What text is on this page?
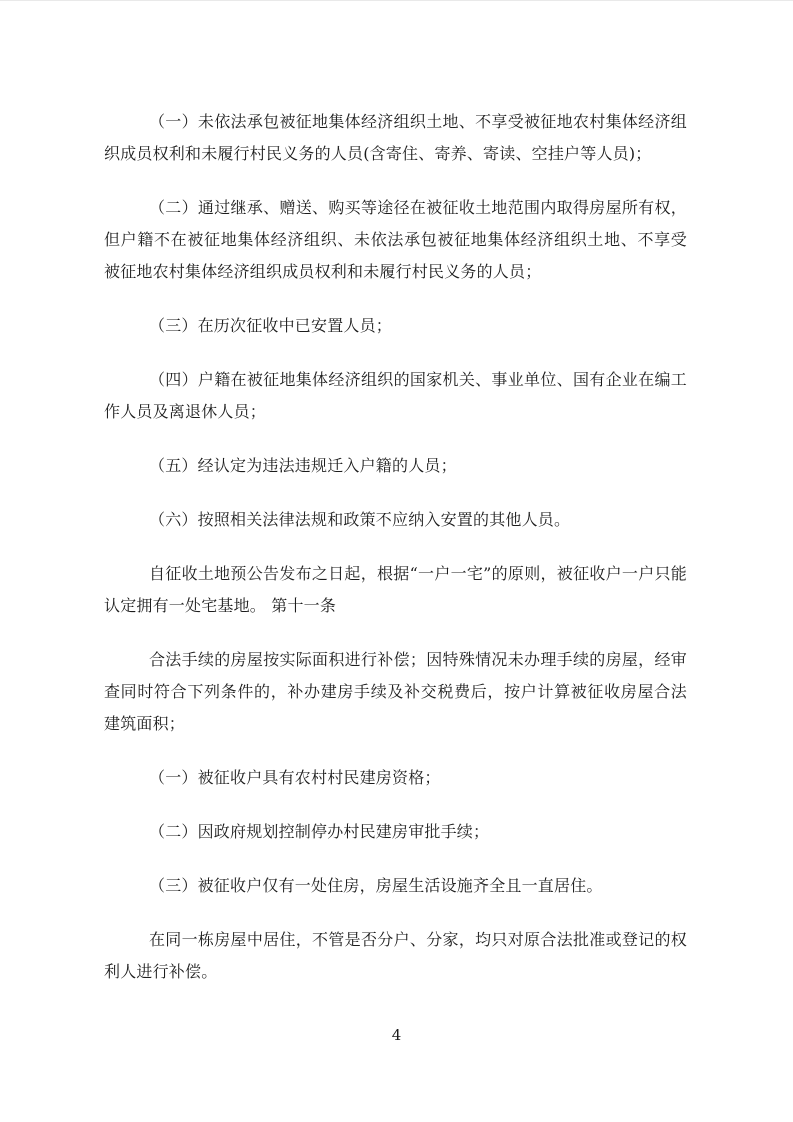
（一）未依法承包被征地集体经济组织土地、不享受被征地农村集体经济组织成员权利和未履行村民义务的人员(含寄住、寄养、寄读、空挂户等人员)；

（二）通过继承、赠送、购买等途径在被征收土地范围内取得房屋所有权，但户籍不在被征地集体经济组织、未依法承包被征地集体经济组织土地、不享受被征地农村集体经济组织成员权利和未履行村民义务的人员；

（三）在历次征收中已安置人员；

（四）户籍在被征地集体经济组织的国家机关、事业单位、国有企业在编工作人员及离退休人员；

（五）经认定为违法违规迁入户籍的人员；

（六）按照相关法律法规和政策不应纳入安置的其他人员。

自征收土地预公告发布之日起，根据“一户一宅”的原则，被征收户一户只能认定拥有一处宅基地。 第十一条

合法手续的房屋按实际面积进行补偿；因特殊情况未办理手续的房屋，经审查同时符合下列条件的，补办建房手续及补交税费后，按户计算被征收房屋合法建筑面积；

（一）被征收户具有农村村民建房资格；

（二）因政府规划控制停办村民建房审批手续；

（三）被征收户仅有一处住房，房屋生活设施齐全且一直居住。

在同一栋房屋中居住，不管是否分户、分家，均只对原合法批准或登记的权利人进行补偿。

4
